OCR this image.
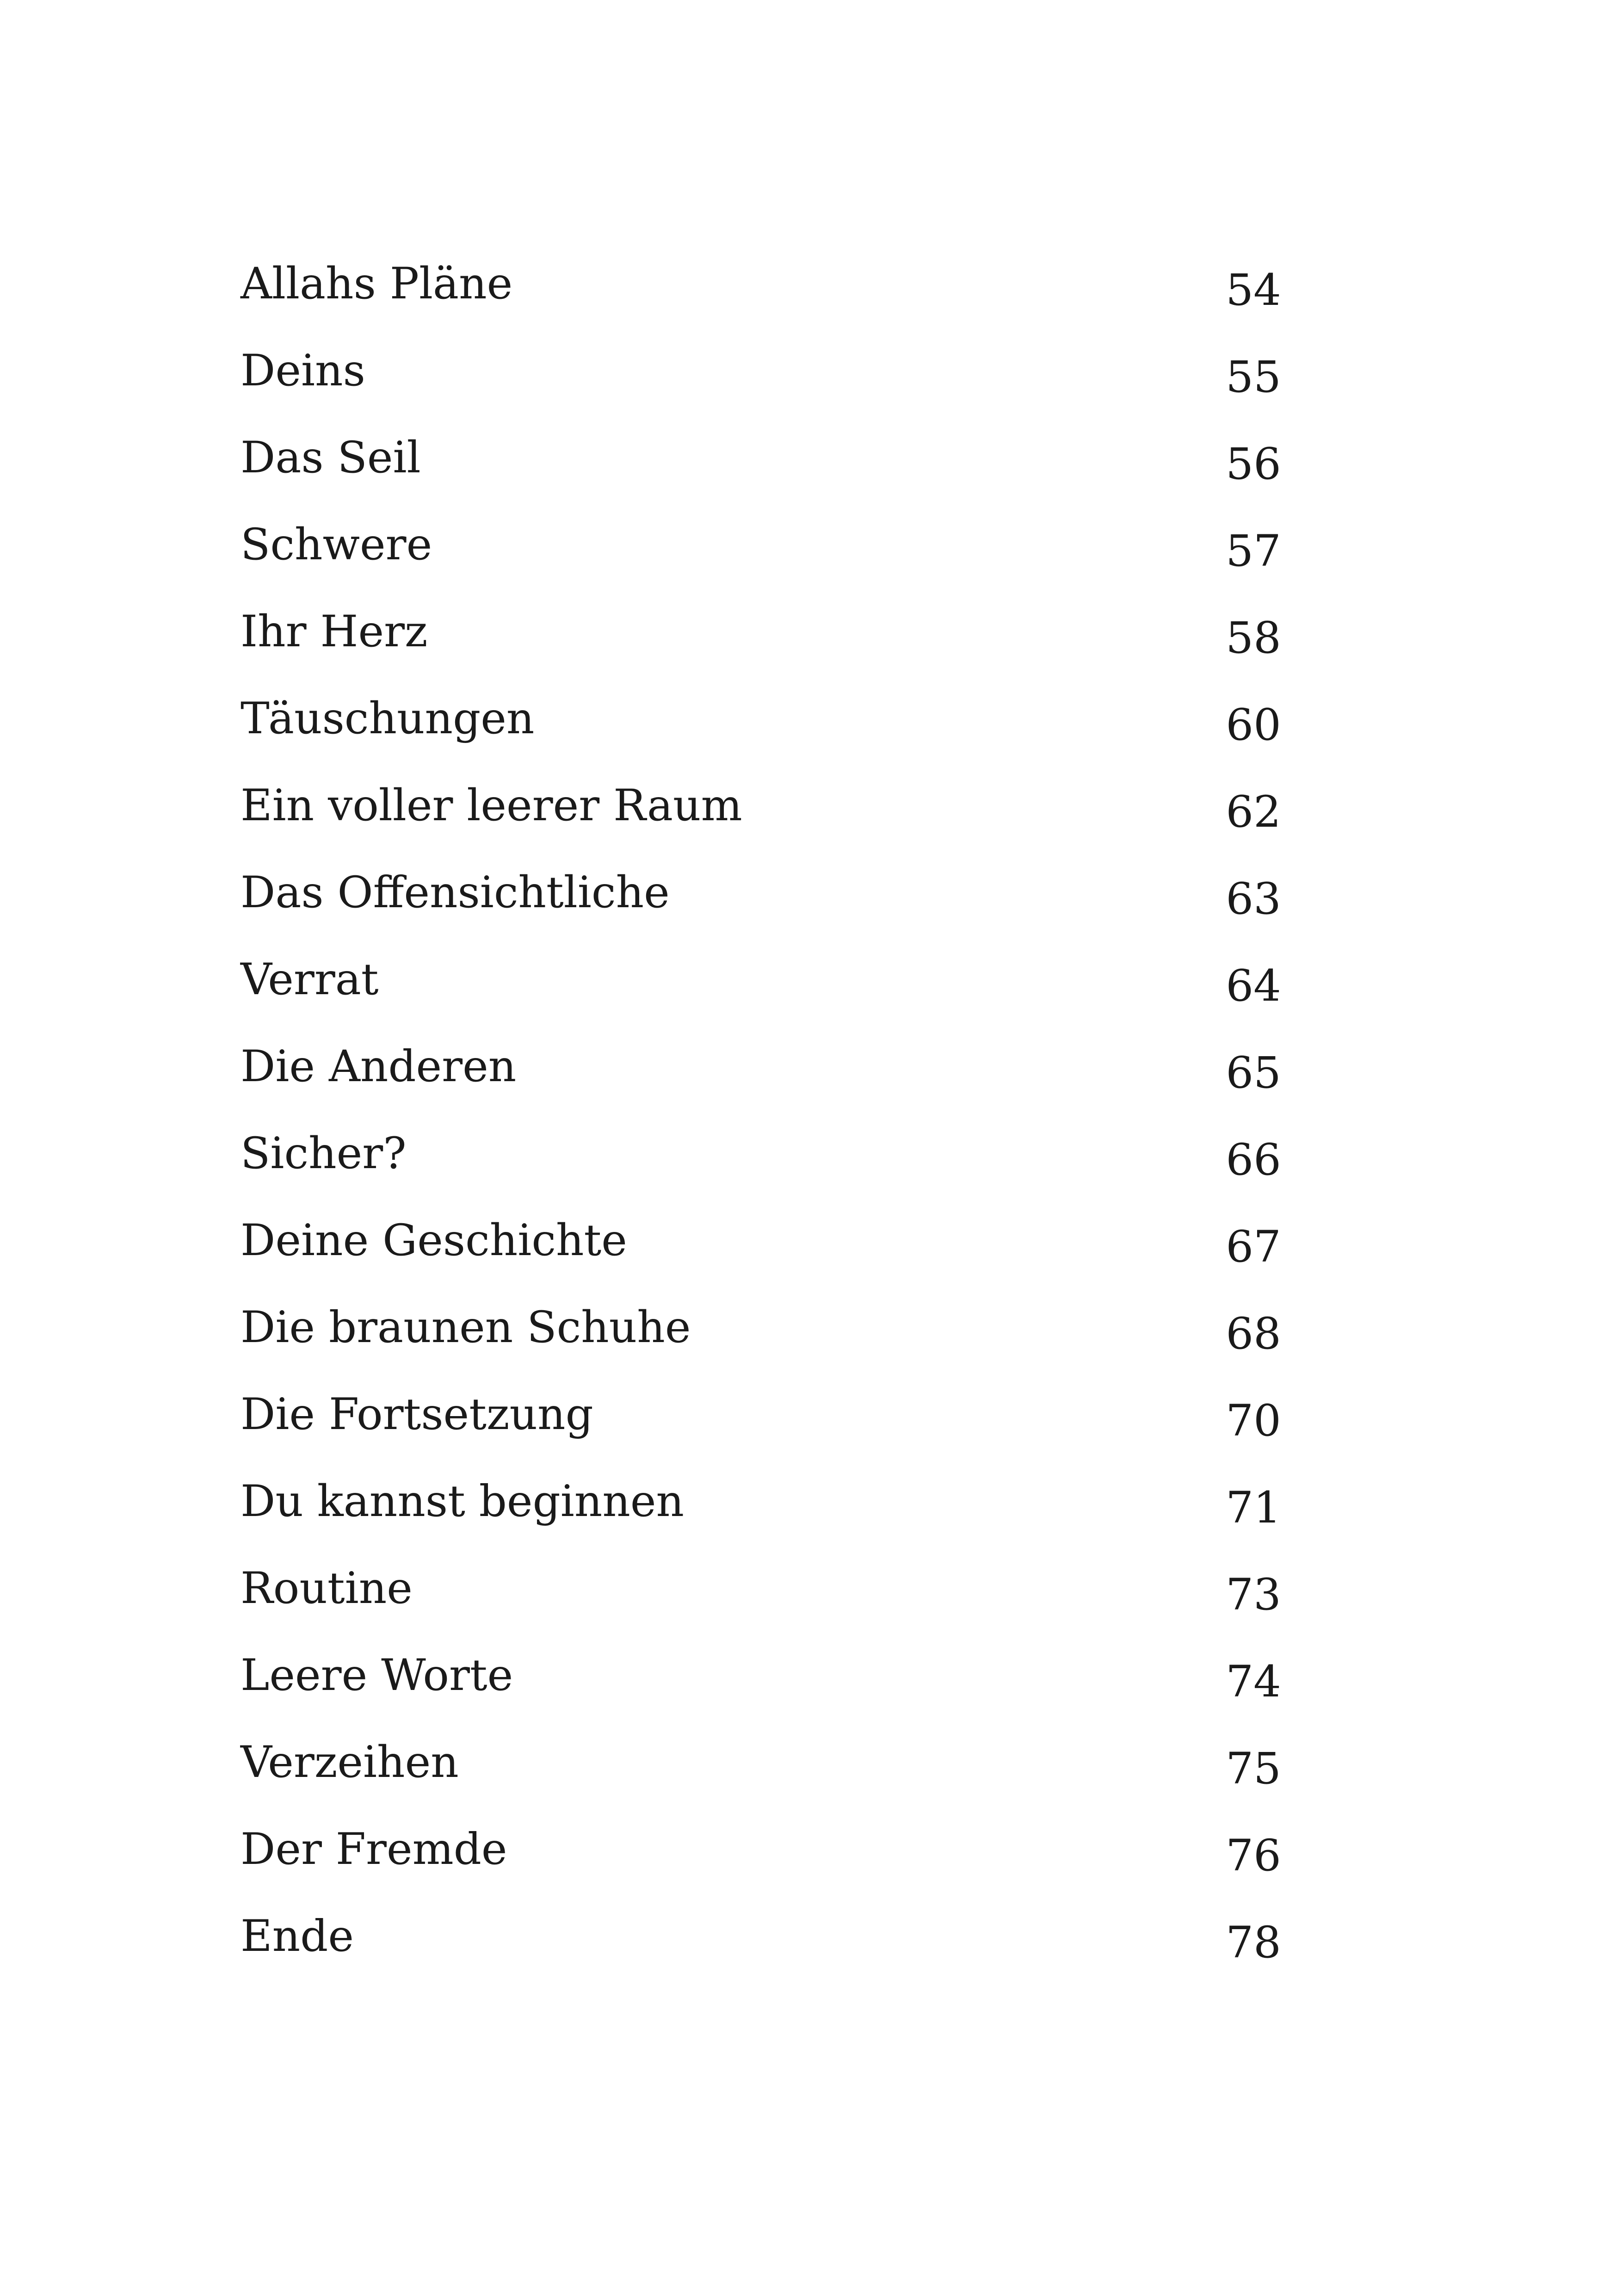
Allahs Pläne	54
Deins	55
Das Seil	56
Schwere	57
Ihr Herz	58
Täuschungen	60
Ein voller leerer Raum	62
Das Offensichtliche	63
Verrat	64
Die Anderen	65
Sicher?	66
Deine Geschichte	67
Die braunen Schuhe	68
Die Fortsetzung	70
Du kannst beginnen	71
Routine	73
Leere Worte	74
Verzeihen	75
Der Fremde	76
Ende	78
